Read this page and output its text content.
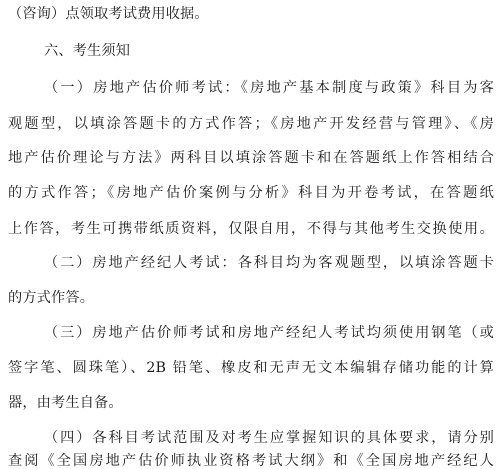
（咨询）点领取考试费用收据。
六、考生须知
（一）房地产估价师考试：《房地产基本制度与政策》科目为客
观题型，以填涂答题卡的方式作答；《房地产开发经营与管理》、《房
地产估价理论与方法》两科目以填涂答题卡和在答题纸上作答相结合
的方式作答；《房地产估价案例与分析》科目为开卷考试，在答题纸
上作答，考生可携带纸质资料，仅限自用，不得与其他考生交换使用。
（二）房地产经纪人考试：各科目均为客观题型，以填涂答题卡
的方式作答。
（三）房地产估价师考试和房地产经纪人考试均须使用钢笔（或
签字笔、圆珠笔）、2B 铅笔、橡皮和无声无文本编辑存储功能的计算
器，由考生自备。
（四）各科目考试范围及对考生应掌握知识的具体要求，请分别
查阅《全国房地产估价师执业资格考试大纲》和《全国房地产经纪人
